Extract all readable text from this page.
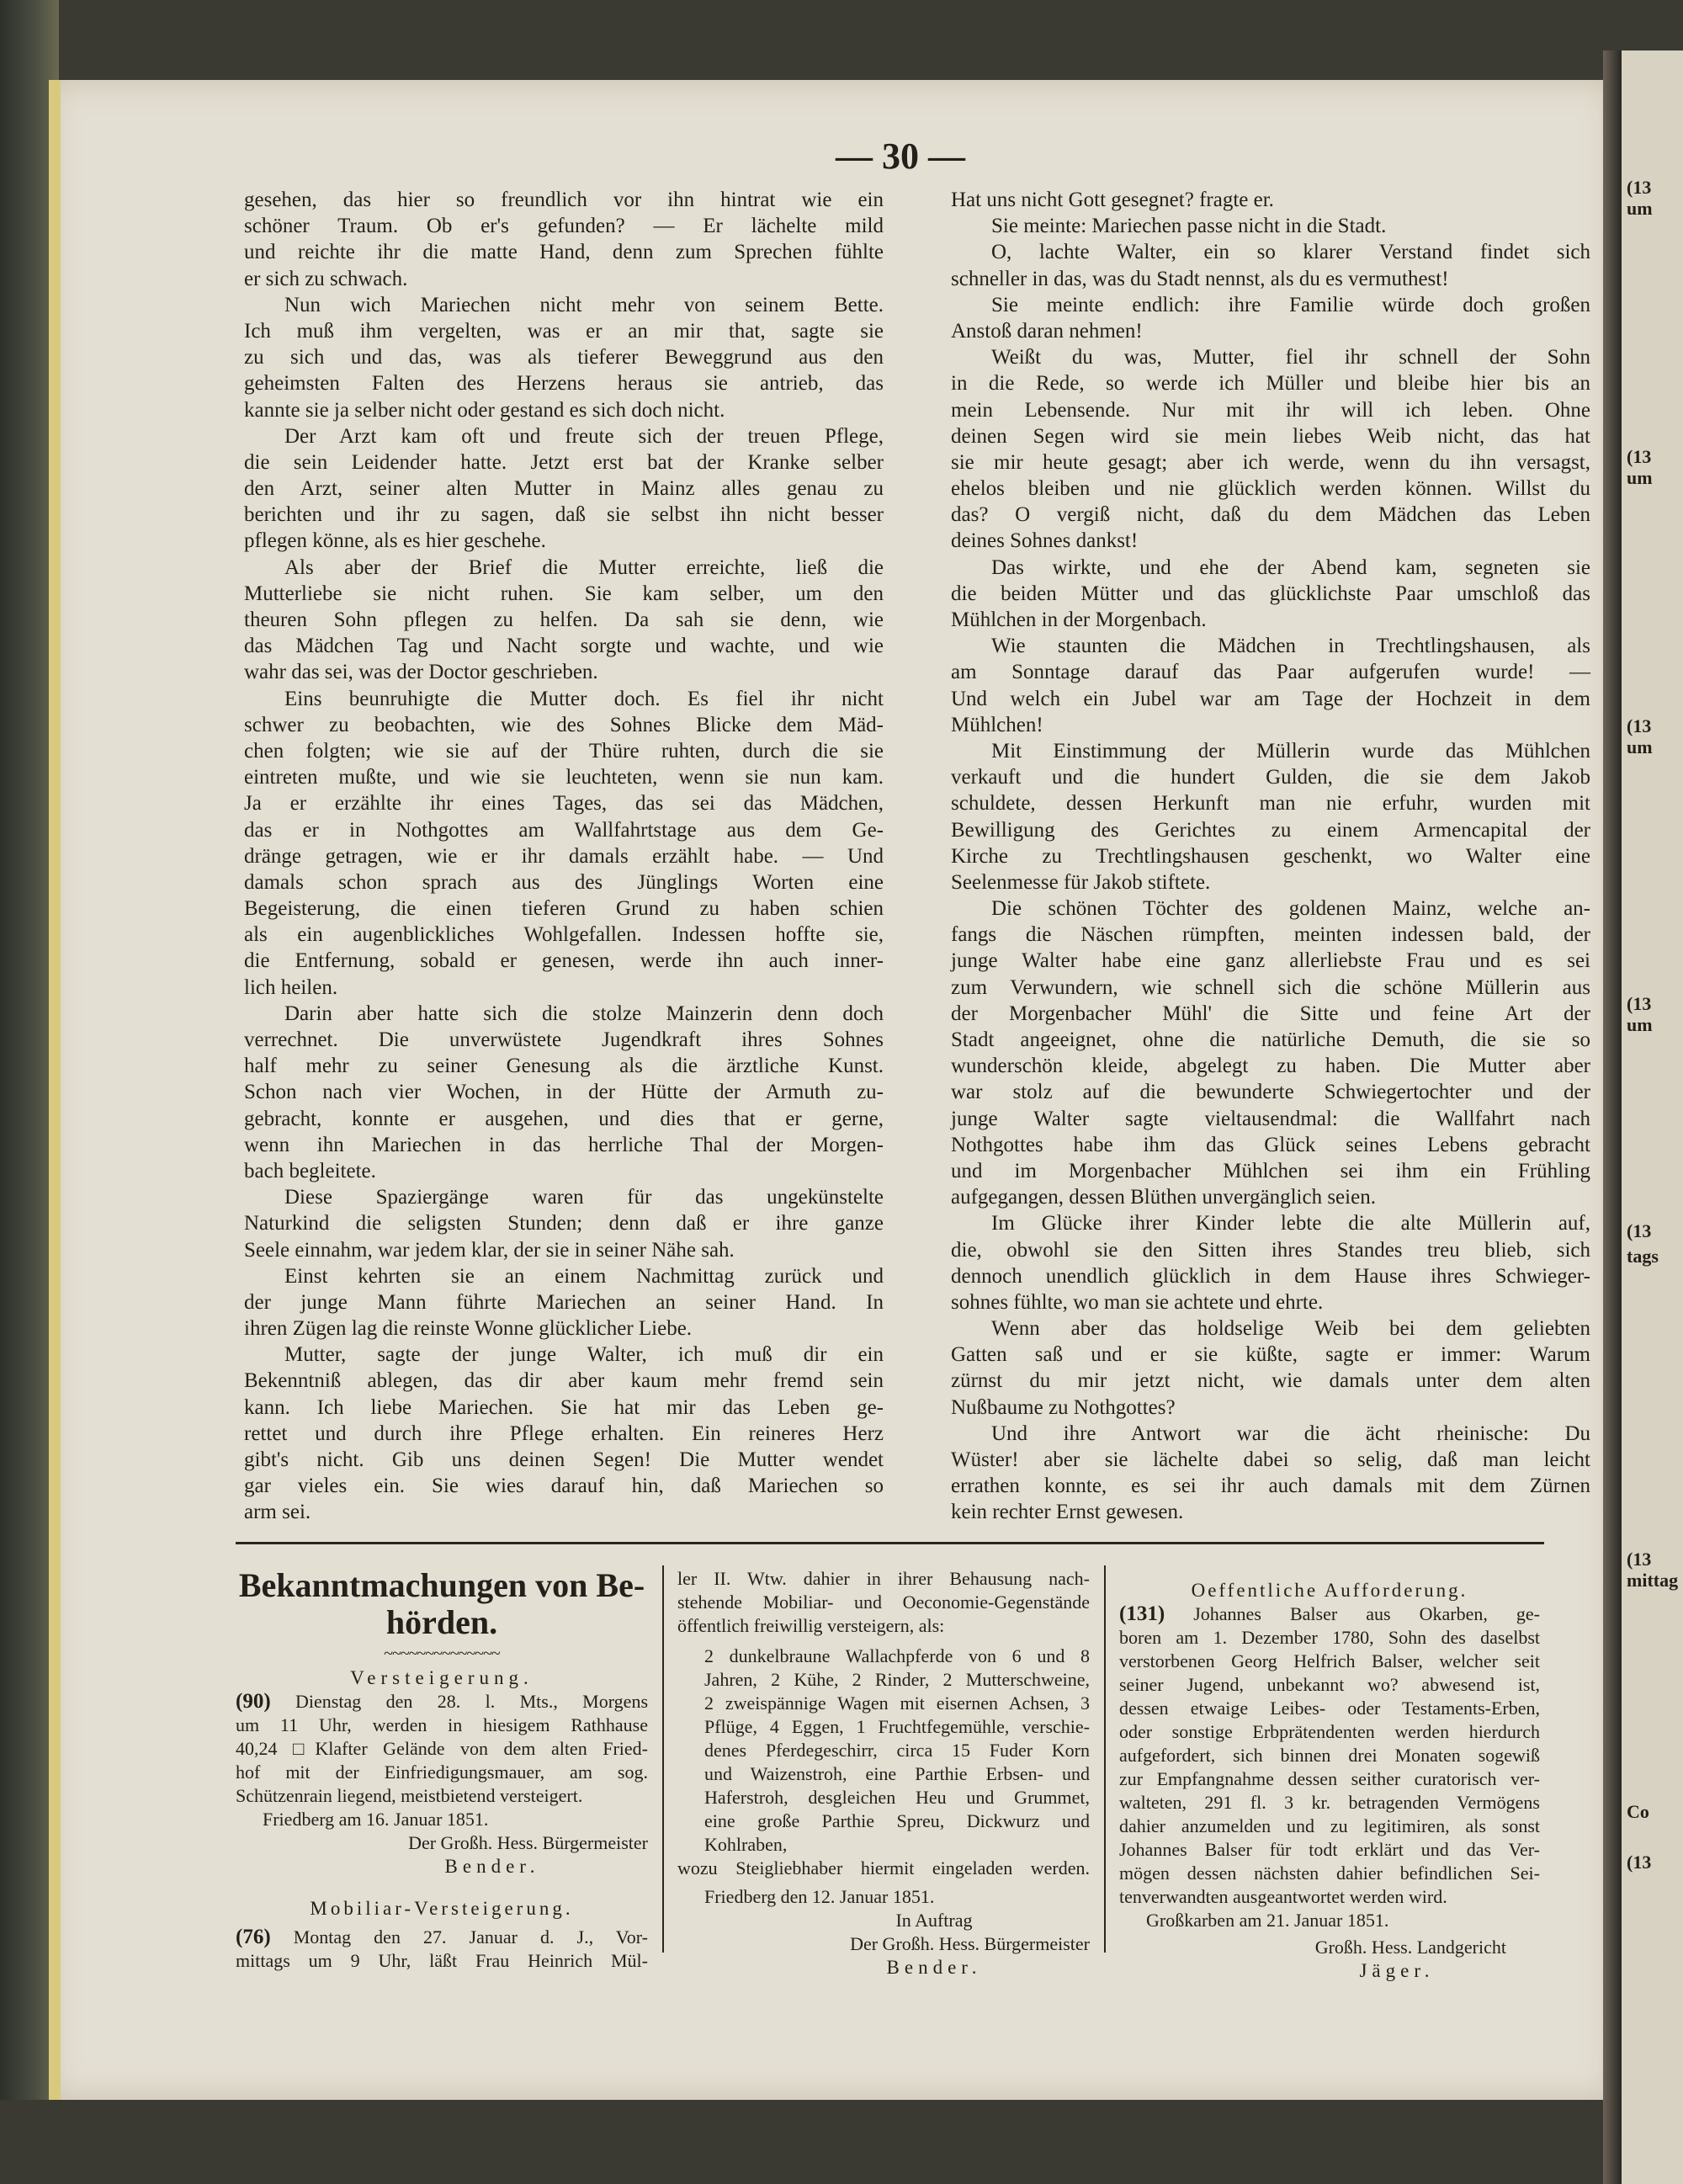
(13
um
(13
um
(13
um
(13
um
(13
tags
(13
mittag
Co
(13
— 30 —
gesehen, das hier so freundlich vor ihn hintrat wie ein
schöner Traum. Ob er's gefunden? — Er lächelte mild
und reichte ihr die matte Hand, denn zum Sprechen fühlte
er sich zu schwach.
Nun wich Mariechen nicht mehr von seinem Bette.
Ich muß ihm vergelten, was er an mir that, sagte sie
zu sich und das, was als tieferer Beweggrund aus den
geheimsten Falten des Herzens heraus sie antrieb, das
kannte sie ja selber nicht oder gestand es sich doch nicht.
Der Arzt kam oft und freute sich der treuen Pflege,
die sein Leidender hatte. Jetzt erst bat der Kranke selber
den Arzt, seiner alten Mutter in Mainz alles genau zu
berichten und ihr zu sagen, daß sie selbst ihn nicht besser
pflegen könne, als es hier geschehe.
Als aber der Brief die Mutter erreichte, ließ die
Mutterliebe sie nicht ruhen. Sie kam selber, um den
theuren Sohn pflegen zu helfen. Da sah sie denn, wie
das Mädchen Tag und Nacht sorgte und wachte, und wie
wahr das sei, was der Doctor geschrieben.
Eins beunruhigte die Mutter doch. Es fiel ihr nicht
schwer zu beobachten, wie des Sohnes Blicke dem Mäd-
chen folgten; wie sie auf der Thüre ruhten, durch die sie
eintreten mußte, und wie sie leuchteten, wenn sie nun kam.
Ja er erzählte ihr eines Tages, das sei das Mädchen,
das er in Nothgottes am Wallfahrtstage aus dem Ge-
dränge getragen, wie er ihr damals erzählt habe. — Und
damals schon sprach aus des Jünglings Worten eine
Begeisterung, die einen tieferen Grund zu haben schien
als ein augenblickliches Wohlgefallen. Indessen hoffte sie,
die Entfernung, sobald er genesen, werde ihn auch inner-
lich heilen.
Darin aber hatte sich die stolze Mainzerin denn doch
verrechnet. Die unverwüstete Jugendkraft ihres Sohnes
half mehr zu seiner Genesung als die ärztliche Kunst.
Schon nach vier Wochen, in der Hütte der Armuth zu-
gebracht, konnte er ausgehen, und dies that er gerne,
wenn ihn Mariechen in das herrliche Thal der Morgen-
bach begleitete.
Diese Spaziergänge waren für das ungekünstelte
Naturkind die seligsten Stunden; denn daß er ihre ganze
Seele einnahm, war jedem klar, der sie in seiner Nähe sah.
Einst kehrten sie an einem Nachmittag zurück und
der junge Mann führte Mariechen an seiner Hand. In
ihren Zügen lag die reinste Wonne glücklicher Liebe.
Mutter, sagte der junge Walter, ich muß dir ein
Bekenntniß ablegen, das dir aber kaum mehr fremd sein
kann. Ich liebe Mariechen. Sie hat mir das Leben ge-
rettet und durch ihre Pflege erhalten. Ein reineres Herz
gibt's nicht. Gib uns deinen Segen! Die Mutter wendet
gar vieles ein. Sie wies darauf hin, daß Mariechen so
arm sei.
Hat uns nicht Gott gesegnet? fragte er.
Sie meinte: Mariechen passe nicht in die Stadt.
O, lachte Walter, ein so klarer Verstand findet sich
schneller in das, was du Stadt nennst, als du es vermuthest!
Sie meinte endlich: ihre Familie würde doch großen
Anstoß daran nehmen!
Weißt du was, Mutter, fiel ihr schnell der Sohn
in die Rede, so werde ich Müller und bleibe hier bis an
mein Lebensende. Nur mit ihr will ich leben. Ohne
deinen Segen wird sie mein liebes Weib nicht, das hat
sie mir heute gesagt; aber ich werde, wenn du ihn versagst,
ehelos bleiben und nie glücklich werden können. Willst du
das? O vergiß nicht, daß du dem Mädchen das Leben
deines Sohnes dankst!
Das wirkte, und ehe der Abend kam, segneten sie
die beiden Mütter und das glücklichste Paar umschloß das
Mühlchen in der Morgenbach.
Wie staunten die Mädchen in Trechtlingshausen, als
am Sonntage darauf das Paar aufgerufen wurde! —
Und welch ein Jubel war am Tage der Hochzeit in dem
Mühlchen!
Mit Einstimmung der Müllerin wurde das Mühlchen
verkauft und die hundert Gulden, die sie dem Jakob
schuldete, dessen Herkunft man nie erfuhr, wurden mit
Bewilligung des Gerichtes zu einem Armencapital der
Kirche zu Trechtlingshausen geschenkt, wo Walter eine
Seelenmesse für Jakob stiftete.
Die schönen Töchter des goldenen Mainz, welche an-
fangs die Näschen rümpften, meinten indessen bald, der
junge Walter habe eine ganz allerliebste Frau und es sei
zum Verwundern, wie schnell sich die schöne Müllerin aus
der Morgenbacher Mühl' die Sitte und feine Art der
Stadt angeeignet, ohne die natürliche Demuth, die sie so
wunderschön kleide, abgelegt zu haben. Die Mutter aber
war stolz auf die bewunderte Schwiegertochter und der
junge Walter sagte vieltausendmal: die Wallfahrt nach
Nothgottes habe ihm das Glück seines Lebens gebracht
und im Morgenbacher Mühlchen sei ihm ein Frühling
aufgegangen, dessen Blüthen unvergänglich seien.
Im Glücke ihrer Kinder lebte die alte Müllerin auf,
die, obwohl sie den Sitten ihres Standes treu blieb, sich
dennoch unendlich glücklich in dem Hause ihres Schwieger-
sohnes fühlte, wo man sie achtete und ehrte.
Wenn aber das holdselige Weib bei dem geliebten
Gatten saß und er sie küßte, sagte er immer: Warum
zürnst du mir jetzt nicht, wie damals unter dem alten
Nußbaume zu Nothgottes?
Und ihre Antwort war die ächt rheinische: Du
Wüster! aber sie lächelte dabei so selig, daß man leicht
errathen konnte, es sei ihr auch damals mit dem Zürnen
kein rechter Ernst gewesen.
Bekanntmachungen von Be-
hörden.
~~~~~~~~~~~~~~
Versteigerung.
(90) Dienstag den 28. l. Mts., Morgens
um 11 Uhr, werden in hiesigem Rathhause
40,24 □Klafter Gelände von dem alten Fried-
hof mit der Einfriedigungsmauer, am sog.
Schützenrain liegend, meistbietend versteigert.
Friedberg am 16. Januar 1851.
Der Großh. Hess. Bürgermeister
Bender.
Mobiliar-Versteigerung.
(76) Montag den 27. Januar d. J., Vor-
mittags um 9 Uhr, läßt Frau Heinrich Mül-
ler II. Wtw. dahier in ihrer Behausung nach-
stehende Mobiliar- und Oeconomie-Gegenstände
öffentlich freiwillig versteigern, als:
2 dunkelbraune Wallachpferde von 6 und 8
Jahren, 2 Kühe, 2 Rinder, 2 Mutterschweine,
2 zweispännige Wagen mit eisernen Achsen, 3
Pflüge, 4 Eggen, 1 Fruchtfegemühle, verschie-
denes Pferdegeschirr, circa 15 Fuder Korn
und Waizenstroh, eine Parthie Erbsen- und
Haferstroh, desgleichen Heu und Grummet,
eine große Parthie Spreu, Dickwurz und
Kohlraben,
wozu Steigliebhaber hiermit eingeladen werden.
Friedberg den 12. Januar 1851.
In Auftrag
Der Großh. Hess. Bürgermeister
Bender.
Oeffentliche Aufforderung.
(131) Johannes Balser aus Okarben, ge-
boren am 1. Dezember 1780, Sohn des daselbst
verstorbenen Georg Helfrich Balser, welcher seit
seiner Jugend, unbekannt wo? abwesend ist,
dessen etwaige Leibes- oder Testaments-Erben,
oder sonstige Erbprätendenten werden hierdurch
aufgefordert, sich binnen drei Monaten sogewiß
zur Empfangnahme dessen seither curatorisch ver-
walteten, 291 fl. 3 kr. betragenden Vermögens
dahier anzumelden und zu legitimiren, als sonst
Johannes Balser für todt erklärt und das Ver-
mögen dessen nächsten dahier befindlichen Sei-
tenverwandten ausgeantwortet werden wird.
Großkarben am 21. Januar 1851.
Großh. Hess. Landgericht
Jäger.
